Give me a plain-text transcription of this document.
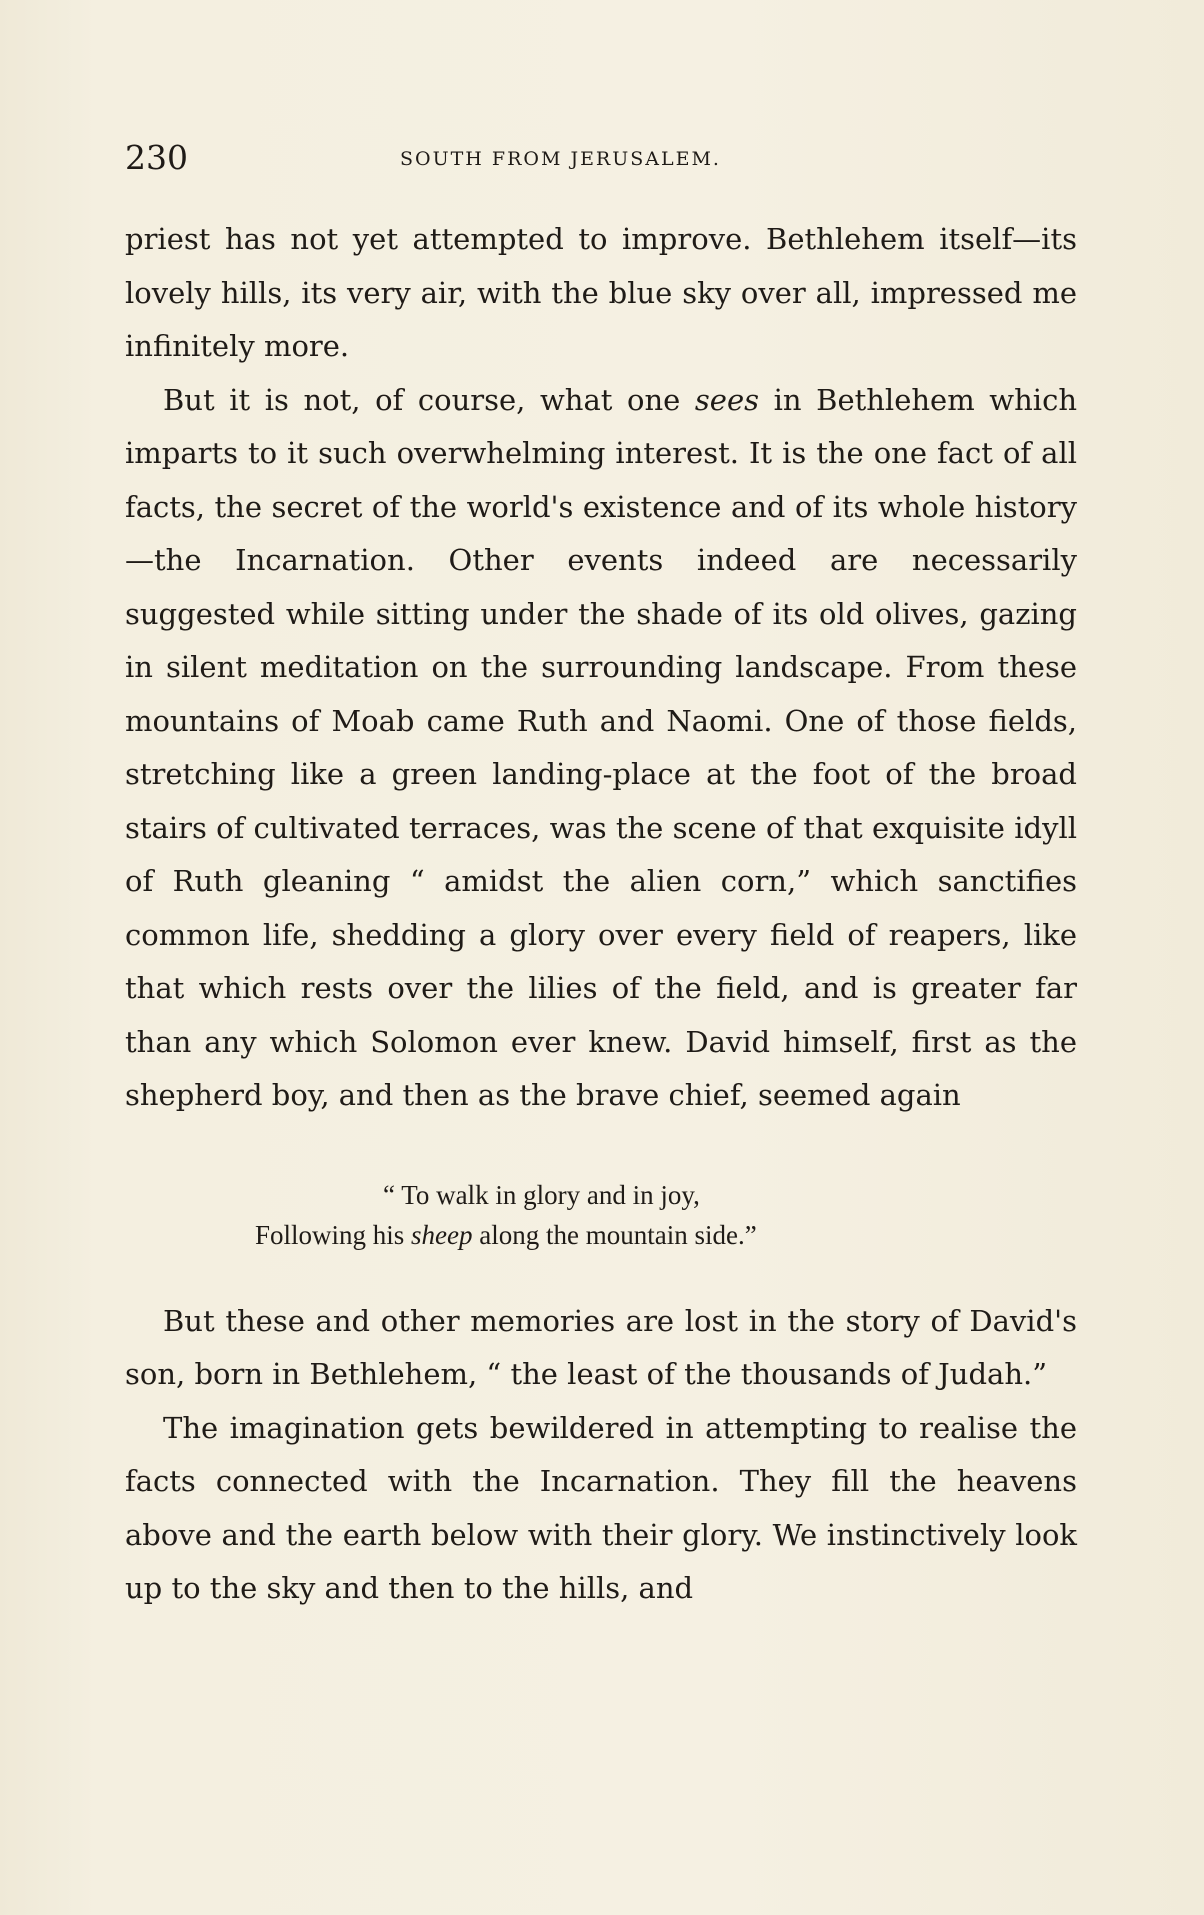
230	SOUTH FROM JERUSALEM.

priest has not yet attempted to improve. Bethlehem itself—its lovely hills, its very air, with the blue sky over all, impressed me infinitely more.

But it is not, of course, what one sees in Bethlehem which imparts to it such overwhelming interest. It is the one fact of all facts, the secret of the world's existence and of its whole history—the Incarnation. Other events indeed are necessarily suggested while sitting under the shade of its old olives, gazing in silent meditation on the surrounding landscape. From these mountains of Moab came Ruth and Naomi. One of those fields, stretching like a green landing-place at the foot of the broad stairs of cultivated terraces, was the scene of that exquisite idyll of Ruth gleaning “ amidst the alien corn,” which sanctifies common life, shedding a glory over every field of reapers, like that which rests over the lilies of the field, and is greater far than any which Solomon ever knew. David himself, first as the shepherd boy, and then as the brave chief, seemed again

“ To walk in glory and in joy,
Following his sheep along the mountain side.”

But these and other memories are lost in the story of David's son, born in Bethlehem, “ the least of the thousands of Judah.”

The imagination gets bewildered in attempting to realise the facts connected with the Incarnation. They fill the heavens above and the earth below with their glory. We instinctively look up to the sky and then to the hills, and
